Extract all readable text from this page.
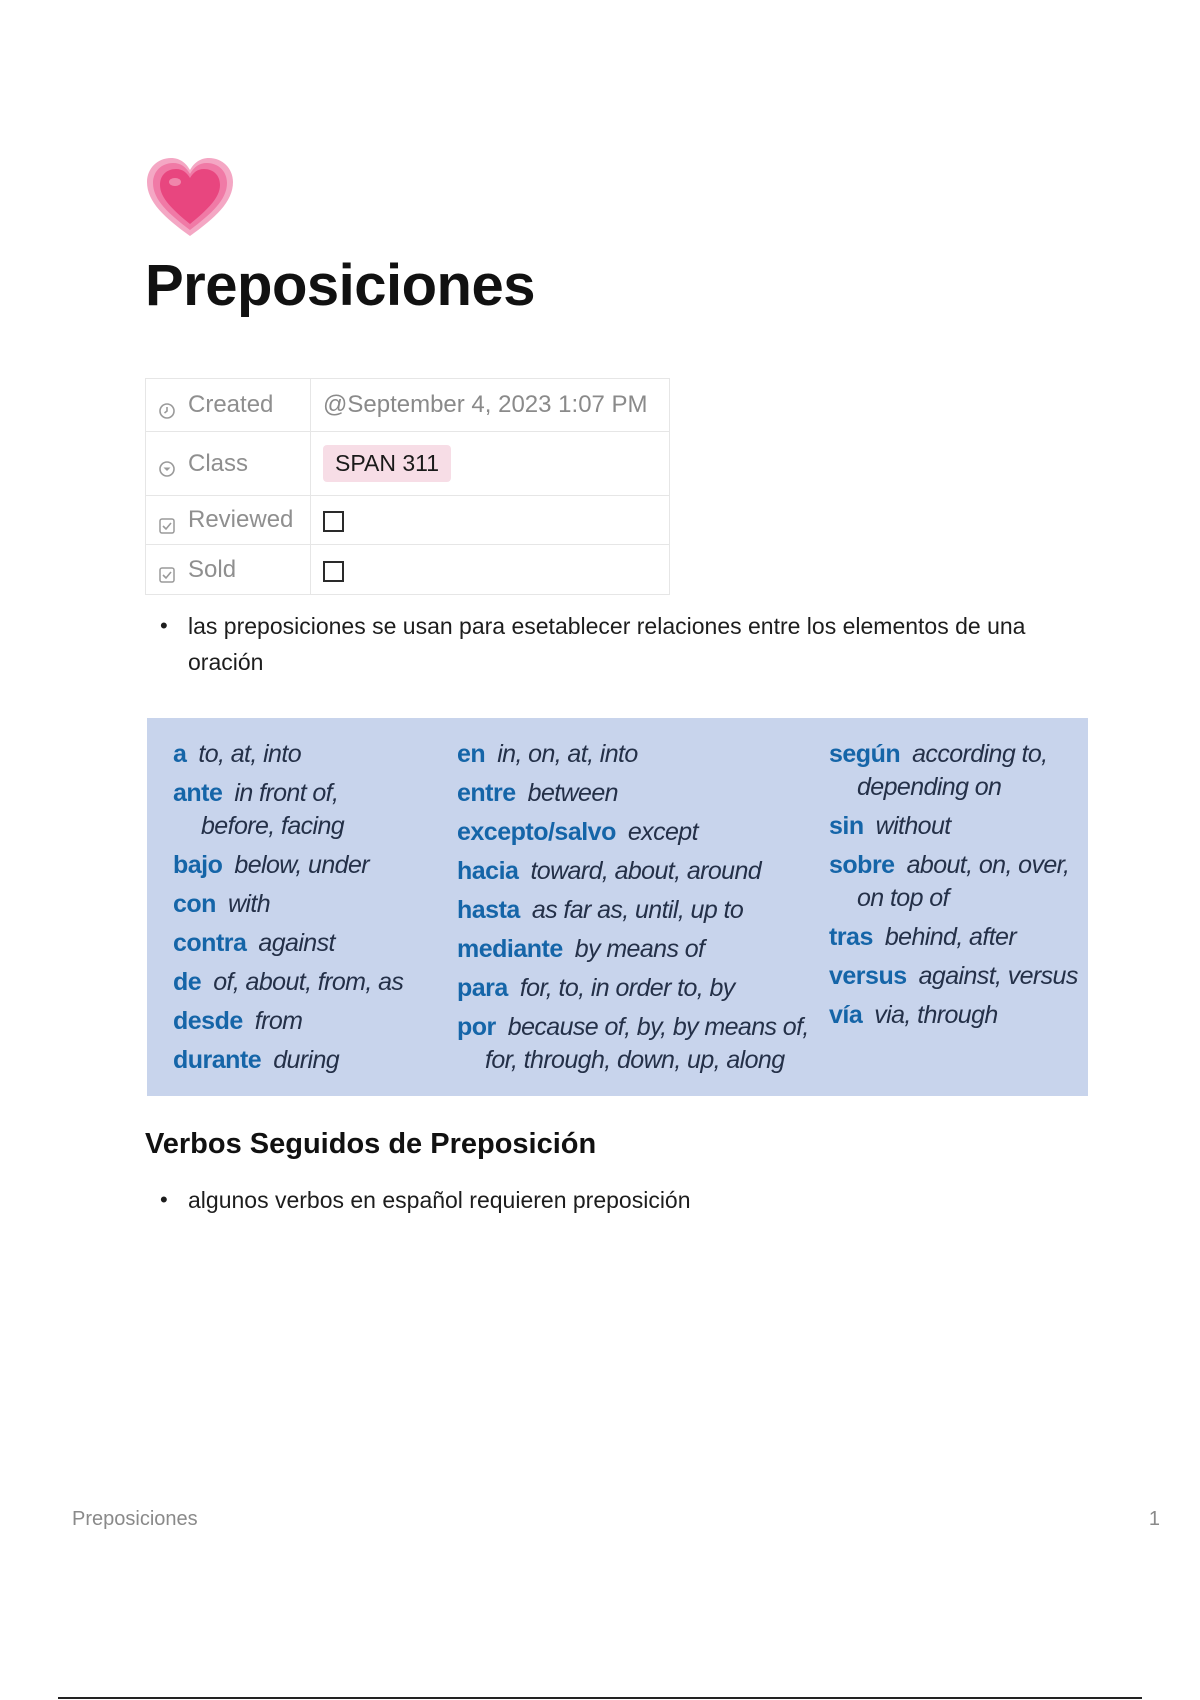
Preposiciones
Created	@September 4, 2023 1:07 PM
Class	SPAN 311
Reviewed	
Sold	
• las preposiciones se usan para esetablecer relaciones entre los elementos de una oración
a to, at, into
ante in front of,
before, facing
bajo below, under
con with
contra against
de of, about, from, as
desde from
durante during
en in, on, at, into
entre between
excepto/salvo except
hacia toward, about, around
hasta as far as, until, up to
mediante by means of
para for, to, in order to, by
por because of, by, by means of,
for, through, down, up, along
según according to,
depending on
sin without
sobre about, on, over,
on top of
tras behind, after
versus against, versus
vía via, through
Verbos Seguidos de Preposición
• algunos verbos en español requieren preposición
Preposiciones	1
